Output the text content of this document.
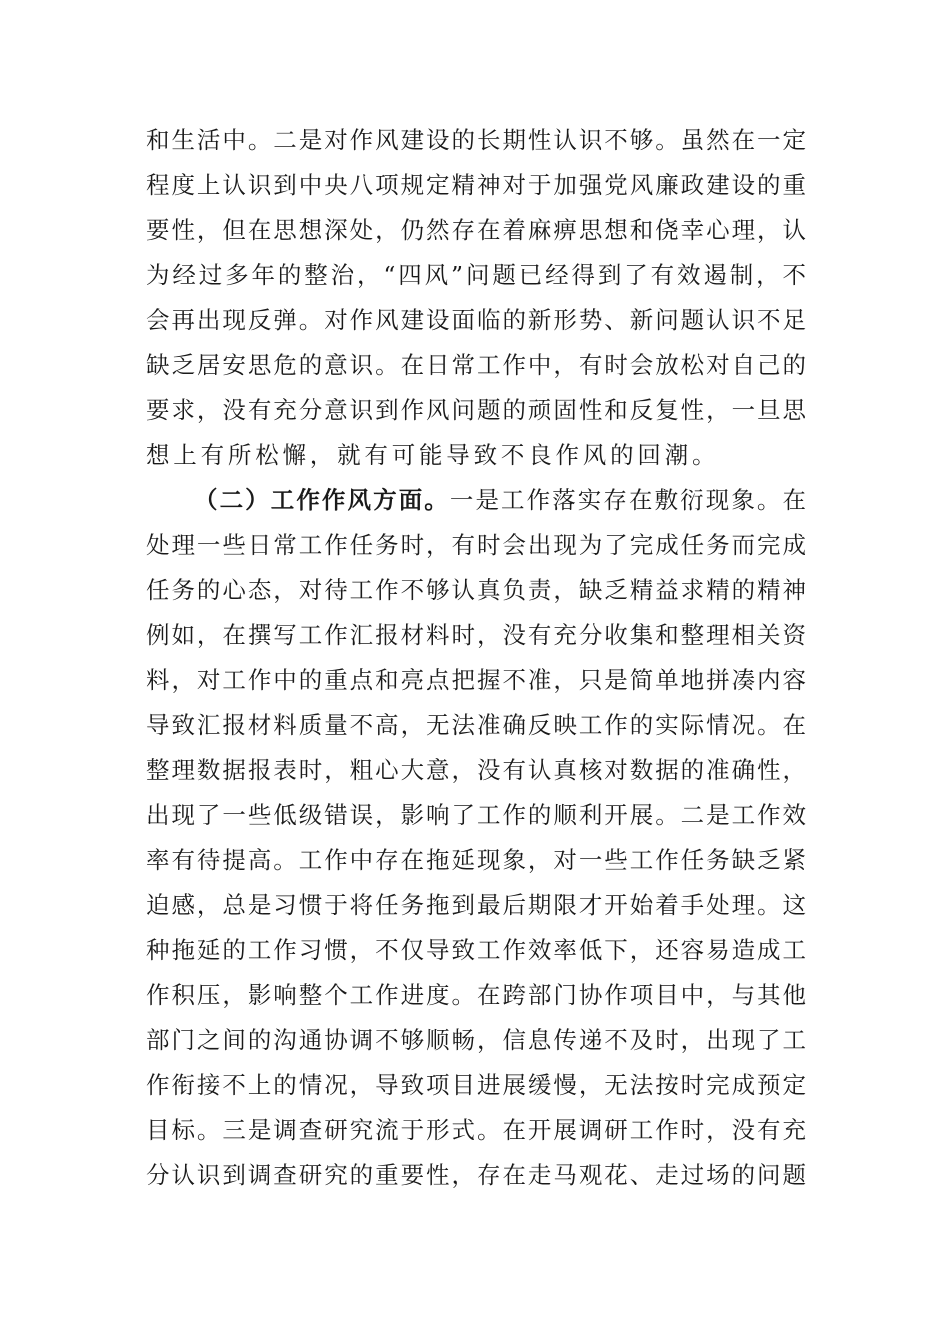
和生活中。二是对作风建设的长期性认识不够。虽然在一定
程度上认识到中央八项规定精神对于加强党风廉政建设的重
要性，但在思想深处，仍然存在着麻痹思想和侥幸心理，认
为经过多年的整治，“四风”问题已经得到了有效遏制，不
会再出现反弹。对作风建设面临的新形势、新问题认识不足
缺乏居安思危的意识。在日常工作中，有时会放松对自己的
要求，没有充分意识到作风问题的顽固性和反复性，一旦思
想上有所松懈，就有可能导致不良作风的回潮。
（二）工作作风方面。一是工作落实存在敷衍现象。在
处理一些日常工作任务时，有时会出现为了完成任务而完成
任务的心态，对待工作不够认真负责，缺乏精益求精的精神
例如，在撰写工作汇报材料时，没有充分收集和整理相关资
料，对工作中的重点和亮点把握不准，只是简单地拼凑内容
导致汇报材料质量不高，无法准确反映工作的实际情况。在
整理数据报表时，粗心大意，没有认真核对数据的准确性，
出现了一些低级错误，影响了工作的顺利开展。二是工作效
率有待提高。工作中存在拖延现象，对一些工作任务缺乏紧
迫感，总是习惯于将任务拖到最后期限才开始着手处理。这
种拖延的工作习惯，不仅导致工作效率低下，还容易造成工
作积压，影响整个工作进度。在跨部门协作项目中，与其他
部门之间的沟通协调不够顺畅，信息传递不及时，出现了工
作衔接不上的情况，导致项目进展缓慢，无法按时完成预定
目标。三是调查研究流于形式。在开展调研工作时，没有充
分认识到调查研究的重要性，存在走马观花、走过场的问题
